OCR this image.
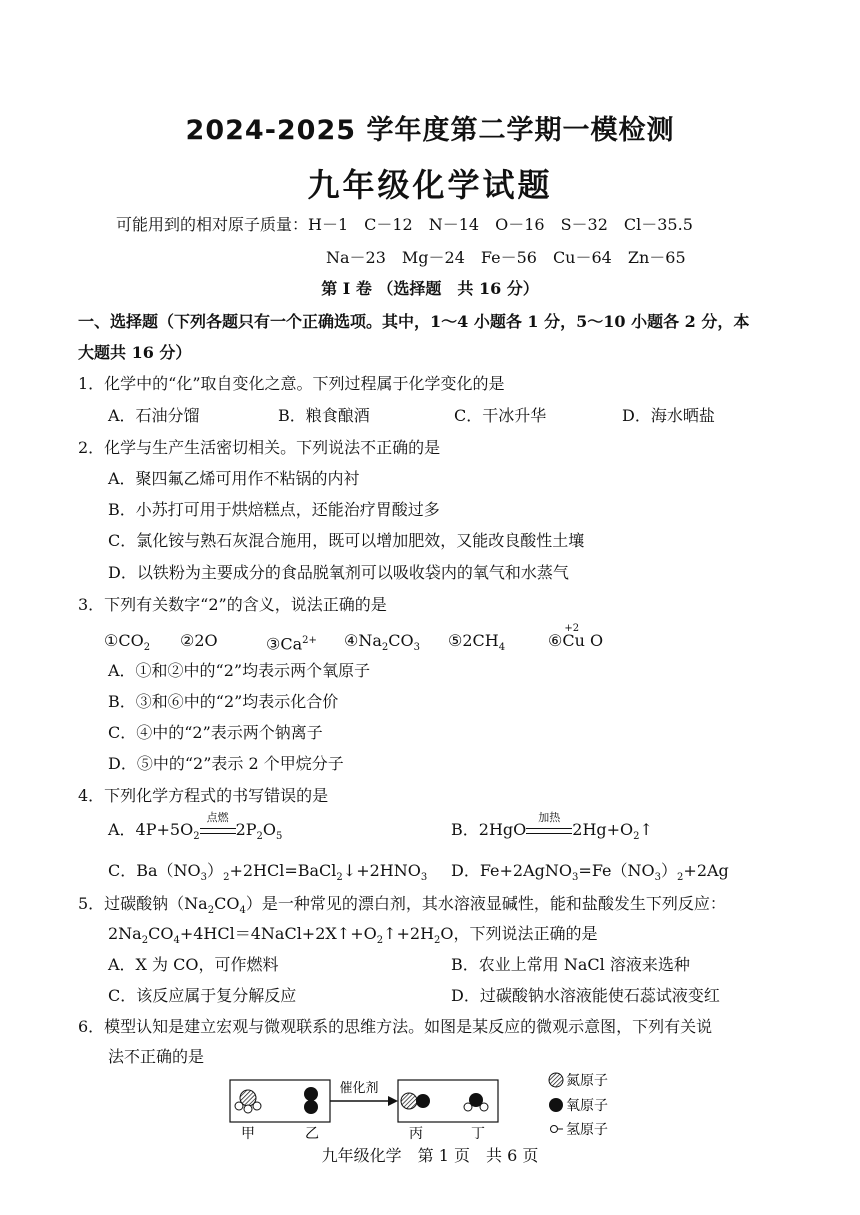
2024-2025 学年度第二学期一模检测
九年级化学试题
可能用到的相对原子质量：H－1　C－12　N－14　O－16　S－32　Cl－35.5
Na－23　Mg－24　Fe－56　Cu－64　Zn－65
第 I 卷 （选择题　共 16 分）
一、选择题（下列各题只有一个正确选项。其中，1～4 小题各 1 分，5～10 小题各 2 分，本
大题共 16 分）
1．化学中的“化”取自变化之意。下列过程属于化学变化的是
A．石油分馏	B．粮食酿酒	C．干冰升华	D．海水晒盐
2．化学与生产生活密切相关。下列说法不正确的是
A．聚四氟乙烯可用作不粘锅的内衬
B．小苏打可用于烘焙糕点，还能治疗胃酸过多
C．氯化铵与熟石灰混合施用，既可以增加肥效，又能改良酸性土壤
D．以铁粉为主要成分的食品脱氧剂可以吸收袋内的氧气和水蒸气
3．下列有关数字“2”的含义，说法正确的是
$①CO_2$ ②2O	$③Ca^{2+}$ $④Na_2CO_3$ $⑤2CH_4$	⑥
+2
Cu O
A．①和②中的“2”均表示两个氧原子
B．③和⑥中的“2”均表示化合价
C．④中的“2”表示两个钠离子
D．⑤中的“2”表示 2 个甲烷分子
4．下列化学方程式的书写错误的是
A．$4P+5O_2$
点燃
$2P_2O_5$	B．2HgO
加热
$2Hg+O_2↑$
C．$Ba(NO_3)_2+2HCl=BaCl_2↓+2HNO_3$ D．$Fe+2AgNO_3=Fe(NO_3)_2+2Ag$
5．过碳酸钠$(Na_2CO_4)$是一种常见的漂白剂，其水溶液显碱性，能和盐酸发生下列反应：
$2Na_2CO_4+4HCl=4NaCl+2X↑+O_2↑+2H_2O$，下列说法正确的是
A．X 为 CO，可作燃料	B．农业上常用 NaCl 溶液来选种
C．该反应属于复分解反应	D．过碳酸钠水溶液能使石蕊试液变红
6．模型认知是建立宏观与微观联系的思维方法。如图是某反应的微观示意图，下列有关说
法不正确的是
催化剂
甲	乙	丙	丁
氮原子
氧原子
氢原子
九年级化学　第 1 页　共 6 页
